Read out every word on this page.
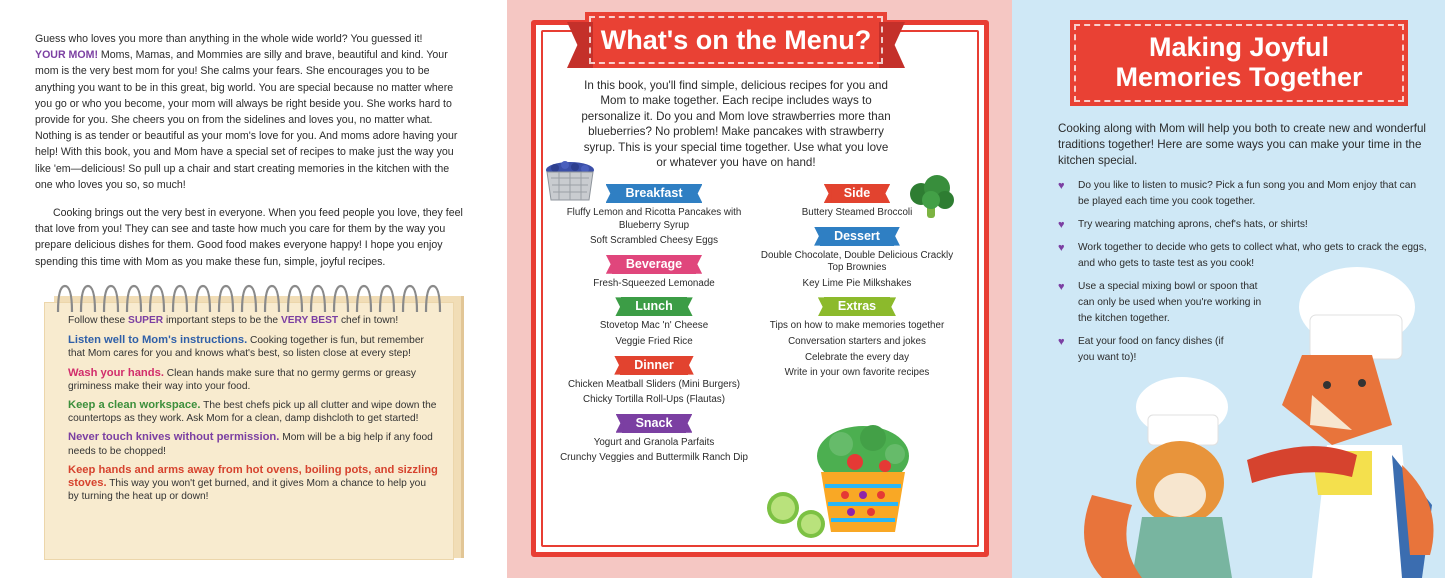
Guess who loves you more than anything in the whole wide world? You guessed it!
YOUR MOM! Moms, Mamas, and Mommies are silly and brave, beautiful and kind. Your mom is the very best mom for you! She calms your fears. She encourages you to be anything you want to be in this great, big world. You are special because no matter where you go or who you become, your mom will always be right beside you. She works hard to provide for you. She cheers you on from the sidelines and loves you, no matter what. Nothing is as tender or beautiful as your mom's love for you. And moms adore having your help! With this book, you and Mom have a special set of recipes to make just the way you like 'em—delicious! So pull up a chair and start creating memories in the kitchen with the one who loves you so, so much!

Cooking brings out the very best in everyone. When you feed people you love, they feel that love from you! They can see and taste how much you care for them by the way you prepare delicious dishes for them. Good food makes everyone happy! I hope you enjoy spending this time with Mom as you make these fun, simple, joyful recipes.

Follow these SUPER important steps to be the VERY BEST chef in town!
Listen well to Mom's instructions. Cooking together is fun, but remember that Mom cares for you and knows what's best, so listen close at every step!
Wash your hands. Clean hands make sure that no germy germs or greasy griminess make their way into your food.
Keep a clean workspace. The best chefs pick up all clutter and wipe down the countertops as they work. Ask Mom for a clean, damp dishcloth to get started!
Never touch knives without permission. Mom will be a big help if any food needs to be chopped!
Keep hands and arms away from hot ovens, boiling pots, and sizzling stoves. This way you won't get burned, and it gives Mom a chance to help you by turning the heat up or down!
What's on the Menu?
In this book, you'll find simple, delicious recipes for you and Mom to make together. Each recipe includes ways to personalize it. Do you and Mom love strawberries more than blueberries? No problem! Make pancakes with strawberry syrup. This is your special time together. Use what you love or whatever you have on hand!
Breakfast
Fluffy Lemon and Ricotta Pancakes with Blueberry Syrup
Soft Scrambled Cheesy Eggs
Beverage
Fresh-Squeezed Lemonade
Lunch
Stovetop Mac 'n' Cheese
Veggie Fried Rice
Dinner
Chicken Meatball Sliders (Mini Burgers)
Chicky Tortilla Roll-Ups (Flautas)
Snack
Yogurt and Granola Parfaits
Crunchy Veggies and Buttermilk Ranch Dip
Side
Buttery Steamed Broccoli
Dessert
Double Chocolate, Double Delicious Crackly Top Brownies
Key Lime Pie Milkshakes
Extras
Tips on how to make memories together
Conversation starters and jokes
Celebrate the every day
Write in your own favorite recipes
Making Joyful
Memories Together
Cooking along with Mom will help you both to create new and wonderful traditions together! Here are some ways you can make your time in the kitchen special.
♥ Do you like to listen to music? Pick a fun song you and Mom enjoy that can be played each time you cook together.
♥ Try wearing matching aprons, chef's hats, or shirts!
♥ Work together to decide who gets to collect what, who gets to crack the eggs, and who gets to taste test as you cook!
♥ Use a special mixing bowl or spoon that can only be used when you're working in the kitchen together.
♥ Eat your food on fancy dishes (if you want to)!
